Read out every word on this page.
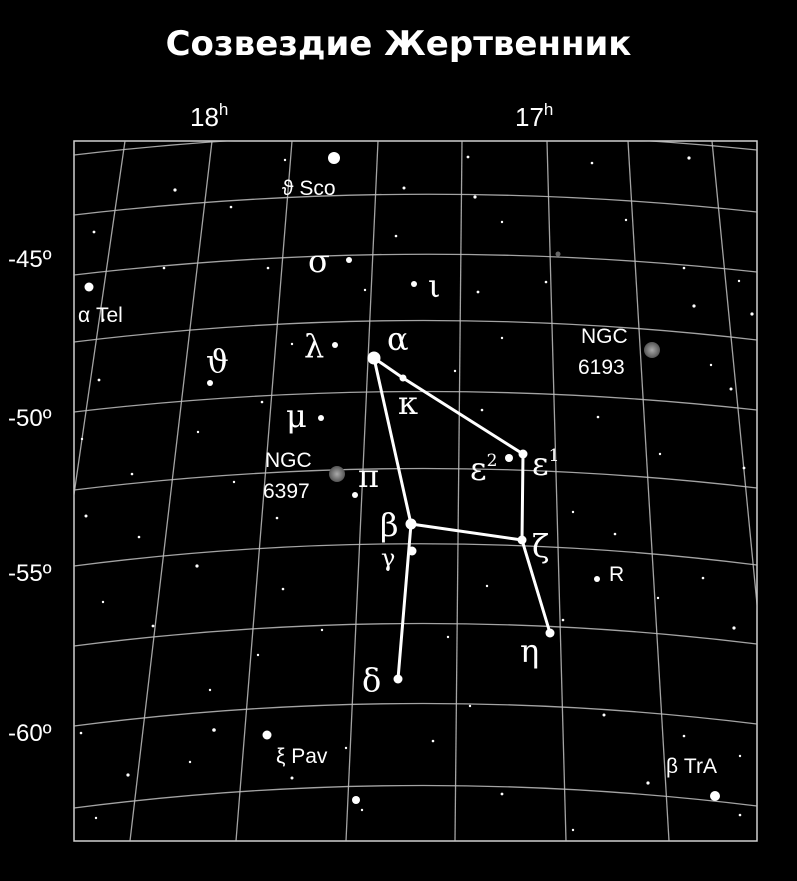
Созвездие Жертвенник
18$^h$	17$^h$
-45º
-50º
-55º
-60º
α
β
γ
δ
$\varepsilon^1$
$\varepsilon^2$
ζ
η
ϑ
ι
κ
λ
μ
π
σ
ϑ Sco
α Tel
ξ Pav	β TrA
R
NGC
6193
NGC
6397
